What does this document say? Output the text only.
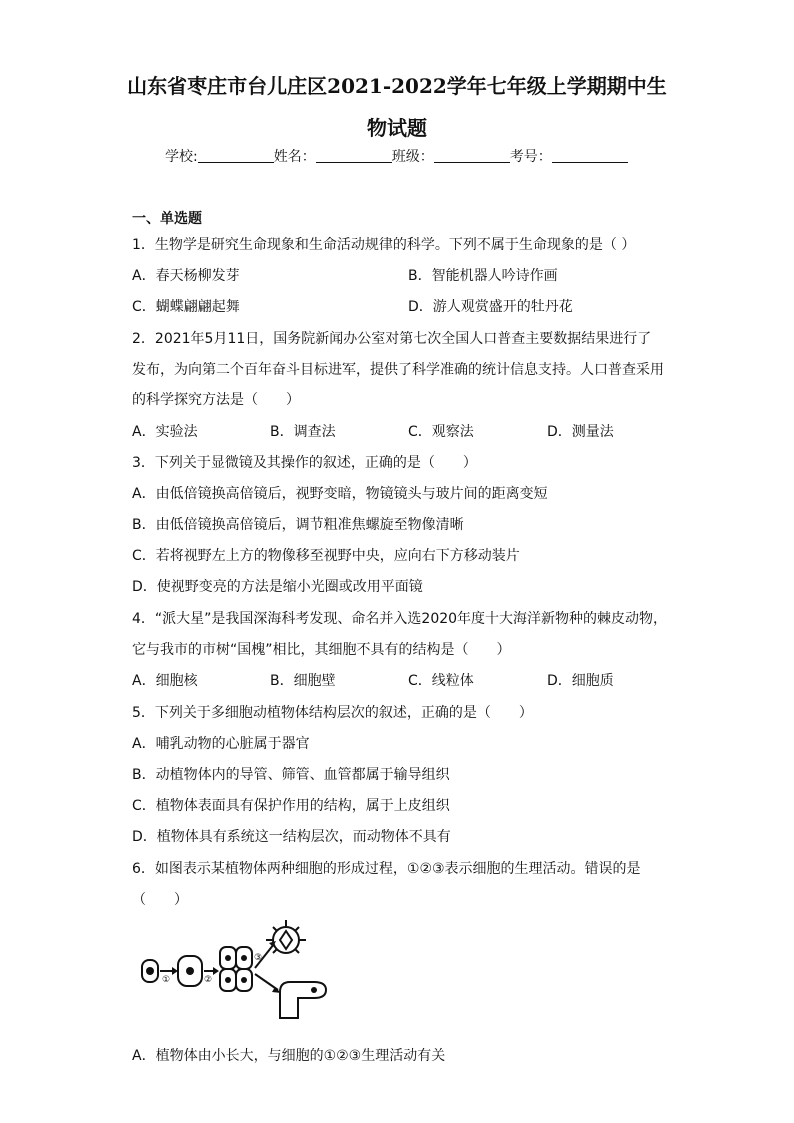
山东省枣庄市台儿庄区2021-2022学年七年级上学期期中生
物试题
学校:	姓名：	班级：	考号：
一、单选题
1．生物学是研究生命现象和生命活动规律的科学。下列不属于生命现象的是（ ）
A．春天杨柳发芽	B．智能机器人吟诗作画
C．蝴蝶翩翩起舞	D．游人观赏盛开的牡丹花
2．2021年5月11日，国务院新闻办公室对第七次全国人口普查主要数据结果进行了
发布，为向第二个百年奋斗目标进军，提供了科学准确的统计信息支持。人口普查采用
的科学探究方法是（　　）
A．实验法	B．调查法	C．观察法	D．测量法
3．下列关于显微镜及其操作的叙述，正确的是（　　）
A．由低倍镜换高倍镜后，视野变暗，物镜镜头与玻片间的距离变短
B．由低倍镜换高倍镜后，调节粗准焦螺旋至物像清晰
C．若将视野左上方的物像移至视野中央，应向右下方移动装片
D．使视野变亮的方法是缩小光圈或改用平面镜
4．“派大星”是我国深海科考发现、命名并入选2020年度十大海洋新物种的棘皮动物，
它与我市的市树“国槐”相比，其细胞不具有的结构是（　　）
A．细胞核	B．细胞壁	C．线粒体	D．细胞质
5．下列关于多细胞动植物体结构层次的叙述，正确的是（　　）
A．哺乳动物的心脏属于器官
B．动植物体内的导管、筛管、血管都属于输导组织
C．植物体表面具有保护作用的结构，属于上皮组织
D．植物体具有系统这一结构层次，而动物体不具有
6．如图表示某植物体两种细胞的形成过程，①②③表示细胞的生理活动。错误的是
（　　）
①	②
③
A．植物体由小长大，与细胞的①②③生理活动有关
